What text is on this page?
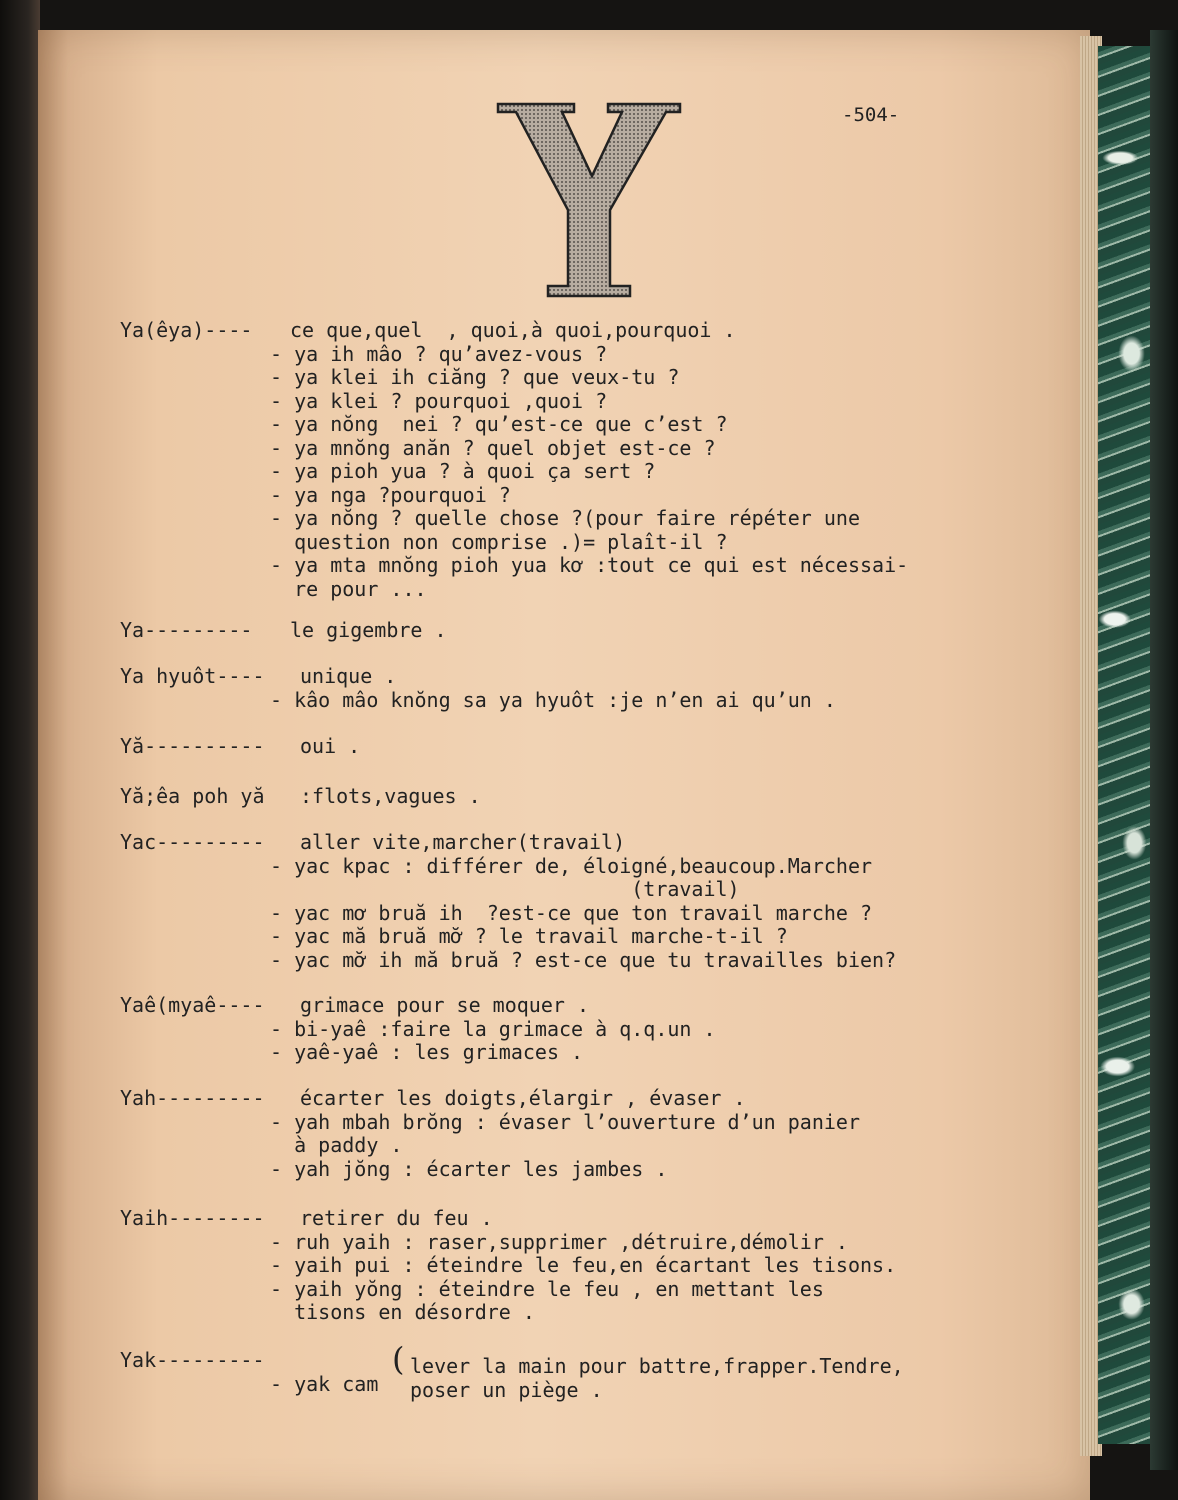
Y
-504-
Ya(êya)---- ce que,quel  , quoi,à quoi,pourquoi .
- ya ih mâo ? qu’avez-vous ?
- ya klei ih ciăng ? que veux-tu ?
- ya klei ? pourquoi ,quoi ?
- ya nŏng  nei ? qu’est-ce que c’est ?
- ya mnŏng anăn ? quel objet est-ce ?
- ya pioh yua ? à quoi ça sert ?
- ya nga ?pourquoi ?
- ya nŏng ? quelle chose ?(pour faire répéter une
question non comprise .)= plaît-il ?
- ya mta mnŏng pioh yua kơ :tout ce qui est nécessai-
re pour ...
Ya--------- le gigembre .
Ya hyuôt---- unique .
- kâo mâo knŏng sa ya hyuôt :je n’en ai qu’un .
Yă---------- oui .
Yă;êa poh yă :flots,vagues .
Yac--------- aller vite,marcher(travail)
- yac kpac : différer de, éloigné,beaucoup.Marcher
(travail)
- yac mơ bruă ih  ?est-ce que ton travail marche ?
- yac mă bruă mơ̆ ? le travail marche-t-il ?
- yac mơ̆ ih mă bruă ? est-ce que tu travailles bien?
Yaê(myaê---- grimace pour se moquer .
- bi-yaê :faire la grimace à q.q.un .
- yaê-yaê : les grimaces .
Yah--------- écarter les doigts,élargir , évaser .
- yah mbah brŏng : évaser l’ouverture d’un panier
à paddy .
- yah jŏng : écarter les jambes .
Yaih-------- retirer du feu .
- ruh yaih : raser,supprimer ,détruire,démolir .
- yaih pui : éteindre le feu,en écartant les tisons.
- yaih yŏng : éteindre le feu , en mettant les
tisons en désordre .
Yak---------
- yak cam
( lever la main pour battre,frapper.Tendre,
poser un piège .
